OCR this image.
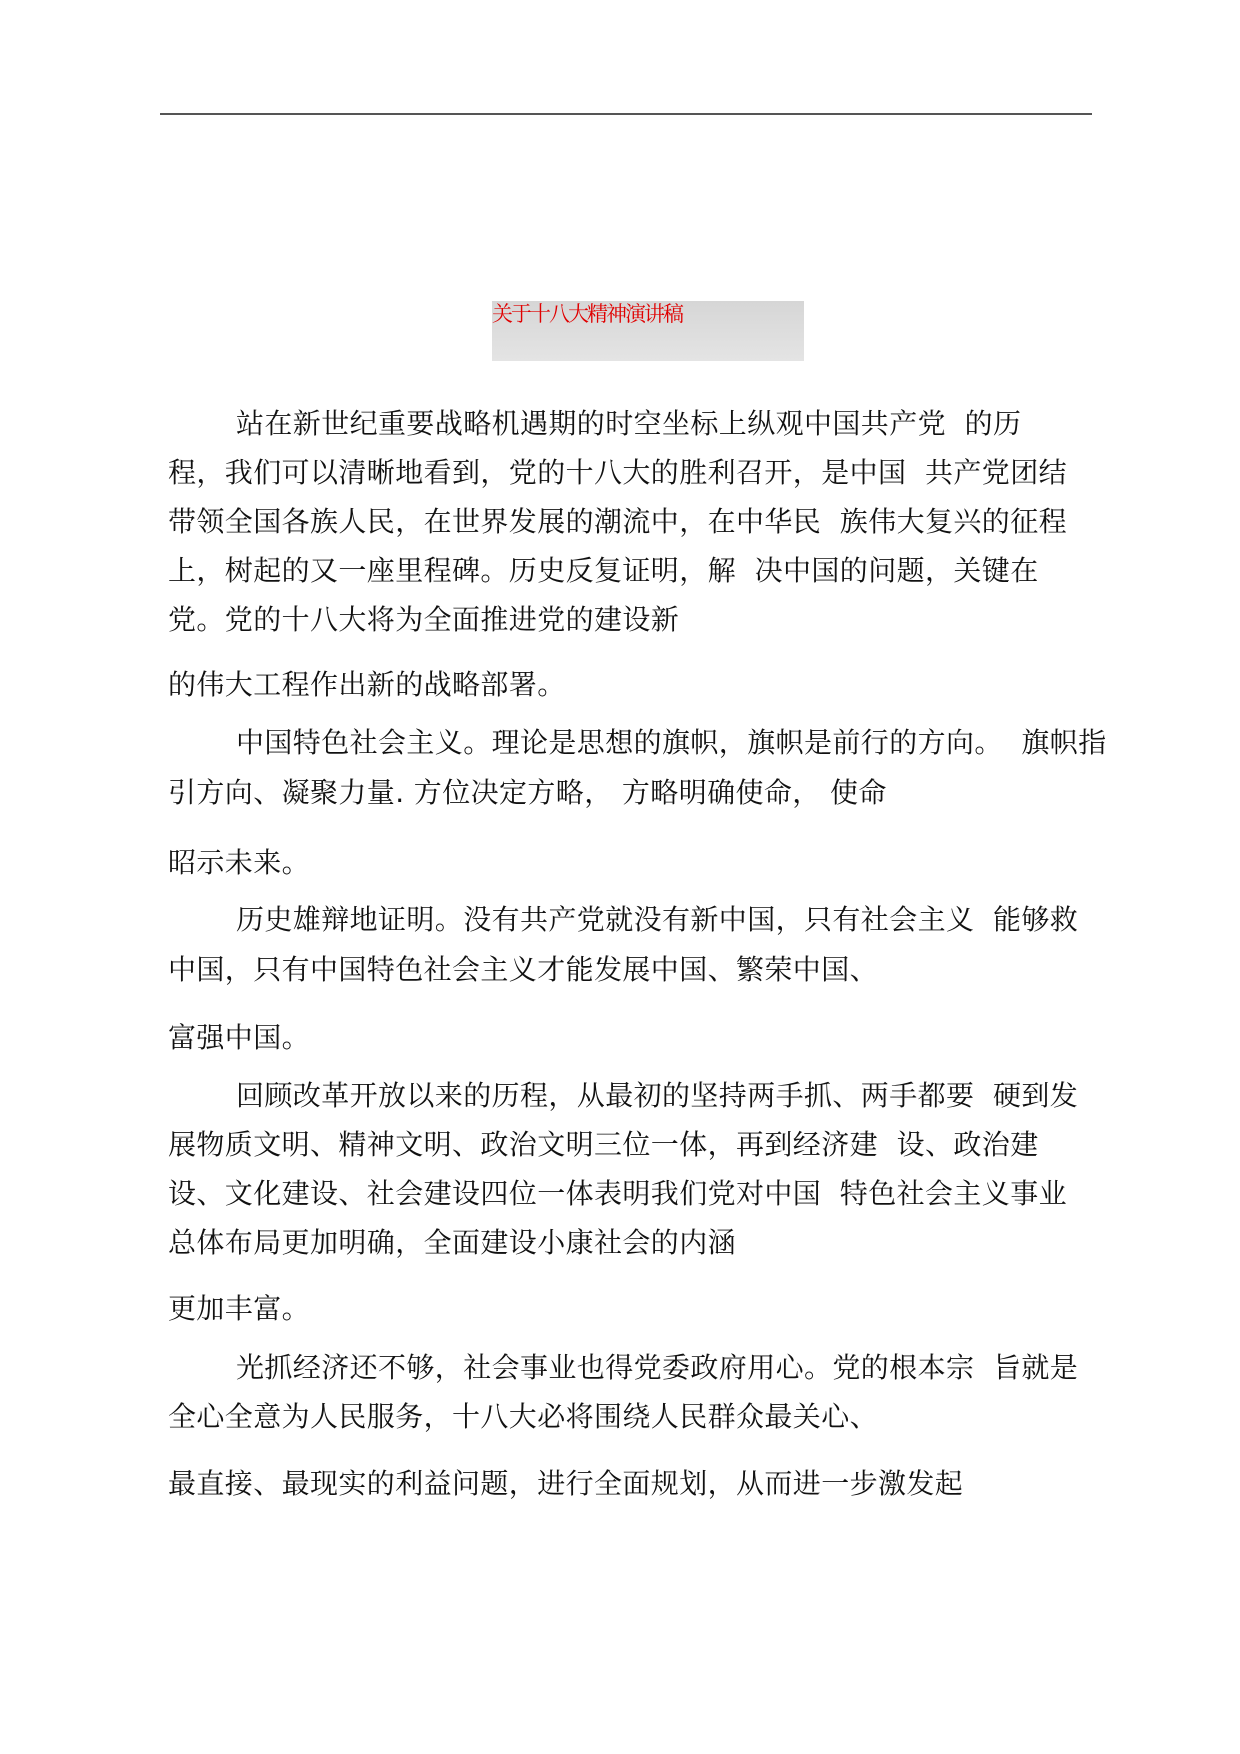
关于十八大精神演讲稿
站在新世纪重要战略机遇期的时空坐标上纵观中国共产党  的历
程，我们可以清晰地看到，党的十八大的胜利召开，是中国  共产党团结
带领全国各族人民，在世界发展的潮流中，在中华民  族伟大复兴的征程
上，树起的又一座里程碑。历史反复证明，解  决中国的问题，关键在
党。党的十八大将为全面推进党的建设新
的伟大工程作出新的战略部署。
中国特色社会主义。理论是思想的旗帜，旗帜是前行的方向。  旗帜指
引方向、凝聚力量. 方位决定方略， 方略明确使命， 使命
昭示未来。
历史雄辩地证明。没有共产党就没有新中国，只有社会主义  能够救
中国，只有中国特色社会主义才能发展中国、繁荣中国、
富强中国。
回顾改革开放以来的历程，从最初的坚持两手抓、两手都要  硬到发
展物质文明、精神文明、政治文明三位一体，再到经济建  设、政治建
设、文化建设、社会建设四位一体表明我们党对中国  特色社会主义事业
总体布局更加明确，全面建设小康社会的内涵
更加丰富。
光抓经济还不够，社会事业也得党委政府用心。党的根本宗  旨就是
全心全意为人民服务，十八大必将围绕人民群众最关心、
最直接、最现实的利益问题，进行全面规划，从而进一步激发起
